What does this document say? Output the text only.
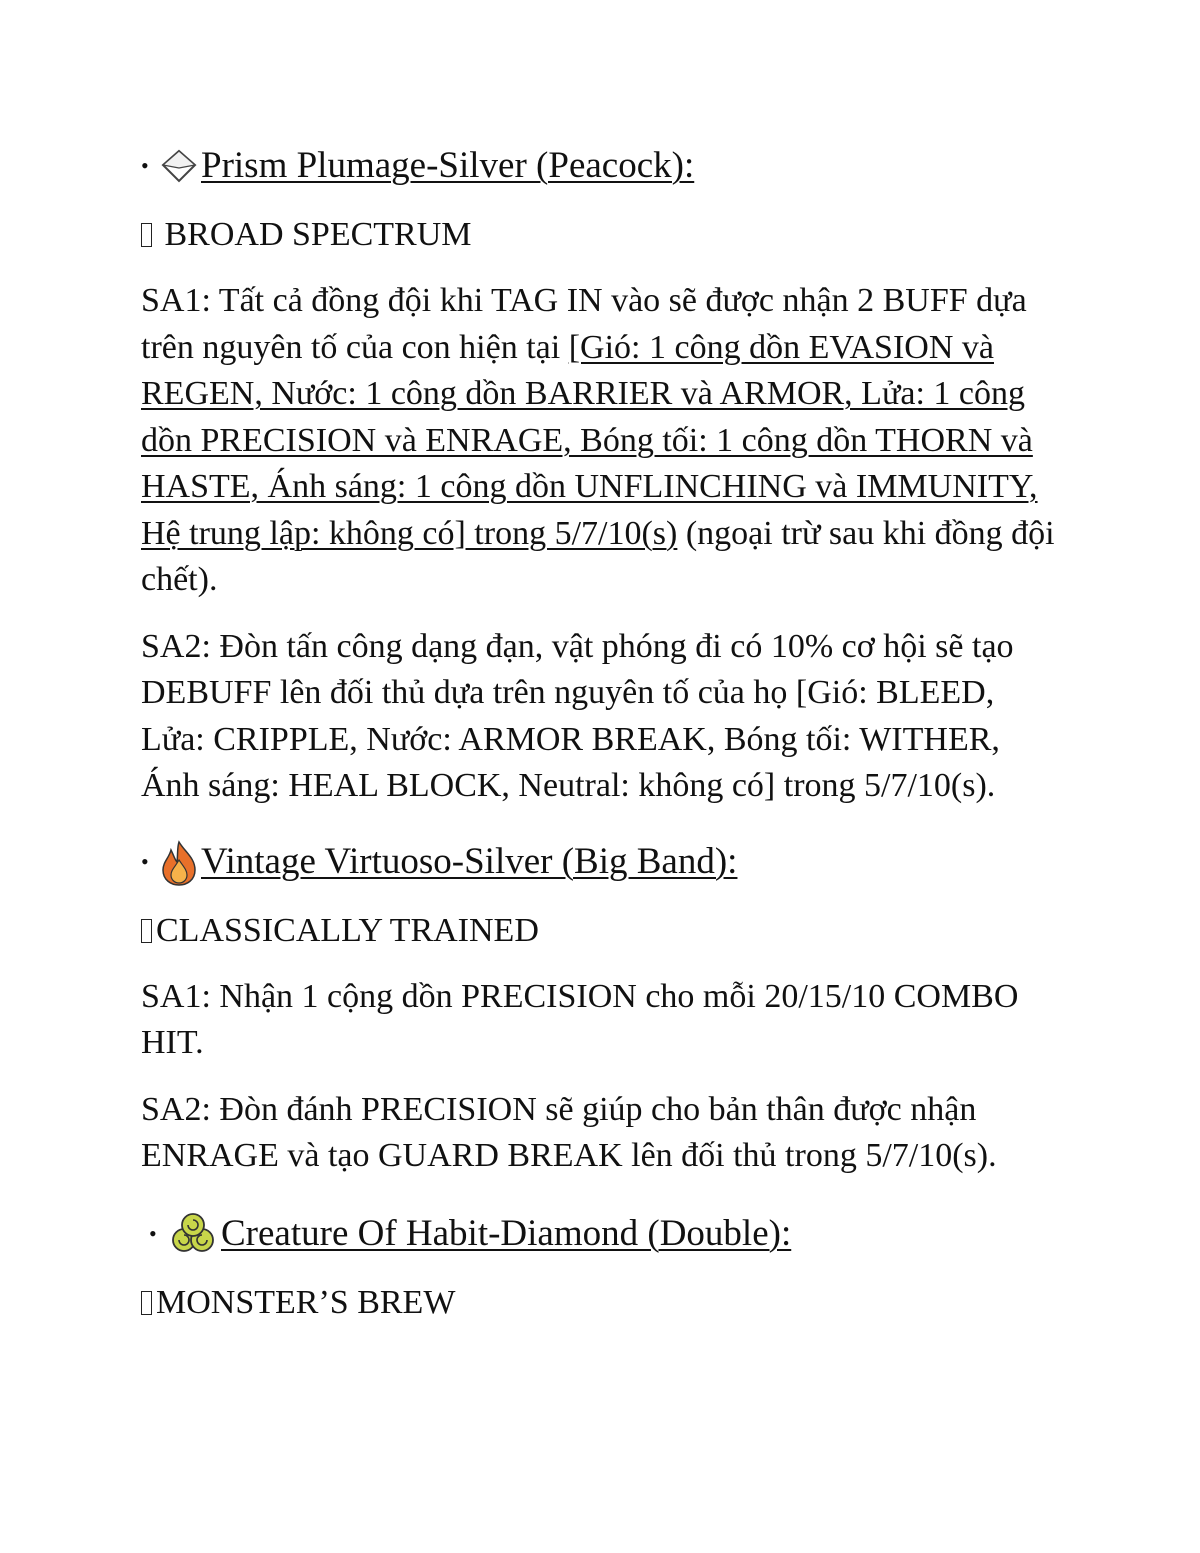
• Prism Plumage-Silver (Peacock):

BROAD SPECTRUM

SA1: Tất cả đồng đội khi TAG IN vào sẽ được nhận 2 BUFF dựa trên nguyên tố của con hiện tại [Gió: 1 công dồn EVASION và REGEN, Nước: 1 công dồn BARRIER và ARMOR, Lửa: 1 công dồn PRECISION và ENRAGE, Bóng tối: 1 công dồn THORN và HASTE, Ánh sáng: 1 công dồn UNFLINCHING và IMMUNITY, Hệ trung lập: không có] trong 5/7/10(s) (ngoại trừ sau khi đồng đội chết).

SA2: Đòn tấn công dạng đạn, vật phóng đi có 10% cơ hội sẽ tạo DEBUFF lên đối thủ dựa trên nguyên tố của họ [Gió: BLEED, Lửa: CRIPPLE, Nước: ARMOR BREAK, Bóng tối: WITHER, Ánh sáng: HEAL BLOCK, Neutral: không có] trong 5/7/10(s).

• Vintage Virtuoso-Silver (Big Band):

CLASSICALLY TRAINED

SA1: Nhận 1 cộng dồn PRECISION cho mỗi 20/15/10 COMBO HIT.

SA2: Đòn đánh PRECISION sẽ giúp cho bản thân được nhận ENRAGE và tạo GUARD BREAK lên đối thủ trong 5/7/10(s).

• Creature Of Habit-Diamond (Double):

MONSTER’S BREW
